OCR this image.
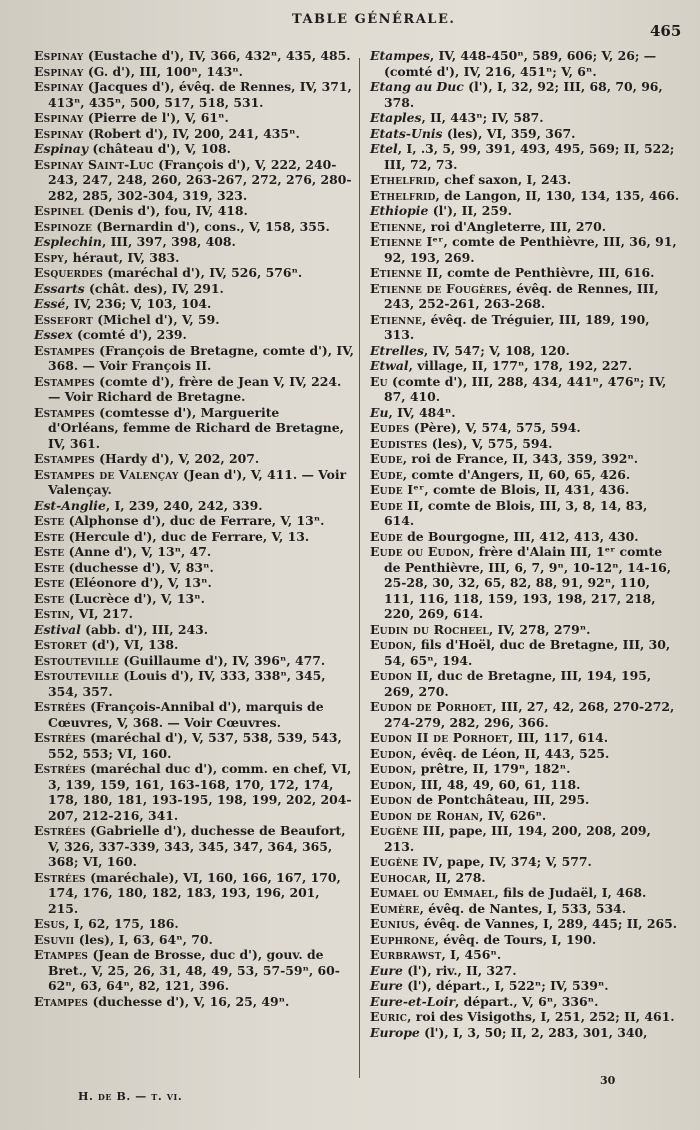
TABLE GÉNÉRALE.
465
Espinay (Eustache d'), IV, 366, 432ⁿ, 435, 485.
Espinay (G. d'), III, 100ⁿ, 143ⁿ.
Espinay (Jacques d'), évêq. de Rennes, IV, 371, 413ⁿ, 435ⁿ, 500, 517, 518, 531.
Espinay (Pierre de l'), V, 61ⁿ.
Espinay (Robert d'), IV, 200, 241, 435ⁿ.
Espinay (château d'), V, 108.
Espinay Saint-Luc (François d'), V, 222, 240-243, 247, 248, 260, 263-267, 272, 276, 280-282, 285, 302-304, 319, 323.
Espinel (Denis d'), fou, IV, 418.
Espinoze (Bernardin d'), cons., V, 158, 355.
Esplechin, III, 397, 398, 408.
Espy, héraut, IV, 383.
Esquerdes (maréchal d'), IV, 526, 576ⁿ.
Essarts (chât. des), IV, 291.
Essé, IV, 236; V, 103, 104.
Essefort (Michel d'), V, 59.
Essex (comté d'), 239.
Estampes (François de Bretagne, comte d'), IV, 368. — Voir François II.
Estampes (comte d'), frère de Jean V, IV, 224. — Voir Richard de Bretagne.
Estampes (comtesse d'), Marguerite d'Orléans, femme de Richard de Bretagne, IV, 361.
Estampes (Hardy d'), V, 202, 207.
Estampes de Valençay (Jean d'), V, 411. — Voir Valençay.
Est-Anglie, I, 239, 240, 242, 339.
Este (Alphonse d'), duc de Ferrare, V, 13ⁿ.
Este (Hercule d'), duc de Ferrare, V, 13.
Este (Anne d'), V, 13ⁿ, 47.
Este (duchesse d'), V, 83ⁿ.
Este (Eléonore d'), V, 13ⁿ.
Este (Lucrèce d'), V, 13ⁿ.
Estin, VI, 217.
Estival (abb. d'), III, 243.
Estoret (d'), VI, 138.
Estouteville (Guillaume d'), IV, 396ⁿ, 477.
Estouteville (Louis d'), IV, 333, 338ⁿ, 345, 354, 357.
Estrées (François-Annibal d'), marquis de Cœuvres, V, 368. — Voir Cœuvres.
Estrées (maréchal d'), V, 537, 538, 539, 543, 552, 553; VI, 160.
Estrées (maréchal duc d'), comm. en chef, VI, 3, 139, 159, 161, 163-168, 170, 172, 174, 178, 180, 181, 193-195, 198, 199, 202, 204-207, 212-216, 341.
Estrées (Gabrielle d'), duchesse de Beaufort, V, 326, 337-339, 343, 345, 347, 364, 365, 368; VI, 160.
Estrées (maréchale), VI, 160, 166, 167, 170, 174, 176, 180, 182, 183, 193, 196, 201, 215.
Esus, I, 62, 175, 186.
Esuvii (les), I, 63, 64ⁿ, 70.
Etampes (Jean de Brosse, duc d'), gouv. de Bret., V, 25, 26, 31, 48, 49, 53, 57-59ⁿ, 60-62ⁿ, 63, 64ⁿ, 82, 121, 396.
Etampes (duchesse d'), V, 16, 25, 49ⁿ.
Etampes, IV, 448-450ⁿ, 589, 606; V, 26; — (comté d'), IV, 216, 451ⁿ; V, 6ⁿ.
Etang au Duc (l'), I, 32, 92; III, 68, 70, 96, 378.
Etaples, II, 443ⁿ; IV, 587.
Etats-Unis (les), VI, 359, 367.
Etel, I, .3, 5, 99, 391, 493, 495, 569; II, 522; III, 72, 73.
Ethelfrid, chef saxon, I, 243.
Ethelfrid, de Langon, II, 130, 134, 135, 466.
Ethiopie (l'), II, 259.
Etienne, roi d'Angleterre, III, 270.
Etienne Iᵉʳ, comte de Penthièvre, III, 36, 91, 92, 193, 269.
Etienne II, comte de Penthièvre, III, 616.
Etienne de Fougères, évêq. de Rennes, III, 243, 252-261, 263-268.
Etienne, évêq. de Tréguier, III, 189, 190, 313.
Etrelles, IV, 547; V, 108, 120.
Etwal, village, II, 177ⁿ, 178, 192, 227.
Eu (comte d'), III, 288, 434, 441ⁿ, 476ⁿ; IV, 87, 410.
Eu, IV, 484ⁿ.
Eudes (Père), V, 574, 575, 594.
Eudistes (les), V, 575, 594.
Eude, roi de France, II, 343, 359, 392ⁿ.
Eude, comte d'Angers, II, 60, 65, 426.
Eude Iᵉʳ, comte de Blois, II, 431, 436.
Eude II, comte de Blois, III, 3, 8, 14, 83, 614.
Eude de Bourgogne, III, 412, 413, 430.
Eude ou Eudon, frère d'Alain III, 1ᵉʳ comte de Penthièvre, III, 6, 7, 9ⁿ, 10-12ⁿ, 14-16, 25-28, 30, 32, 65, 82, 88, 91, 92ⁿ, 110, 111, 116, 118, 159, 193, 198, 217, 218, 220, 269, 614.
Eudin du Rocheel, IV, 278, 279ⁿ.
Eudon, fils d'Hoël, duc de Bretagne, III, 30, 54, 65ⁿ, 194.
Eudon II, duc de Bretagne, III, 194, 195, 269, 270.
Eudon de Porhoet, III, 27, 42, 268, 270-272, 274-279, 282, 296, 366.
Eudon II de Porhoet, III, 117, 614.
Eudon, évêq. de Léon, II, 443, 525.
Eudon, prêtre, II, 179ⁿ, 182ⁿ.
Eudon, III, 48, 49, 60, 61, 118.
Eudon de Pontchâteau, III, 295.
Eudon de Rohan, IV, 626ⁿ.
Eugène III, pape, III, 194, 200, 208, 209, 213.
Eugène IV, pape, IV, 374; V, 577.
Euhocar, II, 278.
Eumael ou Emmael, fils de Judaël, I, 468.
Eumère, évêq. de Nantes, I, 533, 534.
Eunius, évêq. de Vannes, I, 289, 445; II, 265.
Euphrone, évêq. de Tours, I, 190.
Eurbrawst, I, 456ⁿ.
Eure (l'), riv., II, 327.
Eure (l'), départ., I, 522ⁿ; IV, 539ⁿ.
Eure-et-Loir, départ., V, 6ⁿ, 336ⁿ.
Euric, roi des Visigoths, I, 251, 252; II, 461.
Europe (l'), I, 3, 50; II, 2, 283, 301, 340,
H. de B. — t. vi.
30
